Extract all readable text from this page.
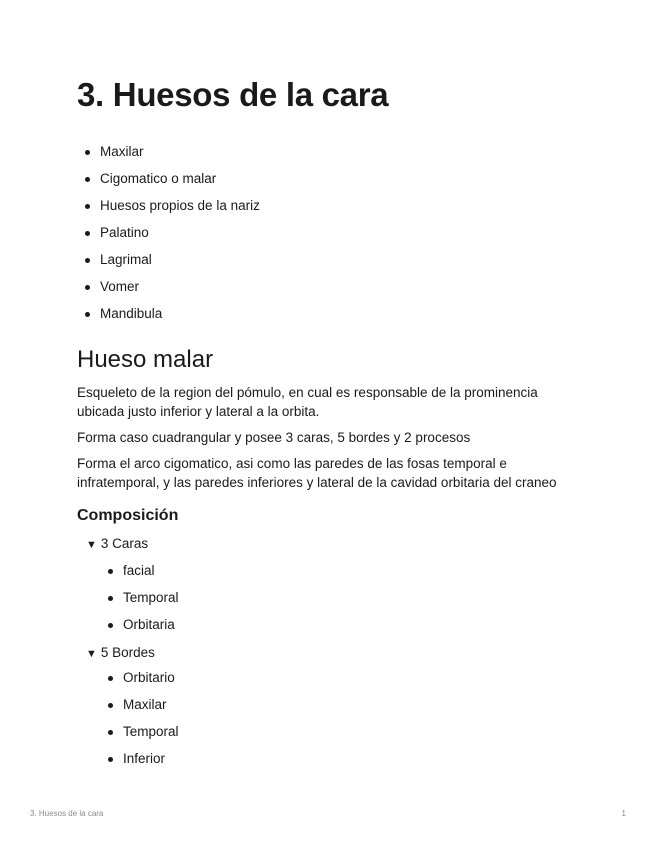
3. Huesos de la cara
Maxilar
Cigomatico o malar
Huesos propios de la nariz
Palatino
Lagrimal
Vomer
Mandibula
Hueso malar

Esqueleto de la region del pómulo, en cual es responsable de la prominencia ubicada justo inferior y lateral a la orbita.

Forma caso cuadrangular y posee 3 caras, 5 bordes y 2 procesos

Forma el arco cigomatico, asi como las paredes de las fosas temporal e infratemporal, y las paredes inferiores y lateral de la cavidad orbitaria del craneo

Composición
▼ 3 Caras
facial
Temporal
Orbitaria
▼ 5 Bordes
Orbitario
Maxilar
Temporal
Inferior
3. Huesos de la cara	1
